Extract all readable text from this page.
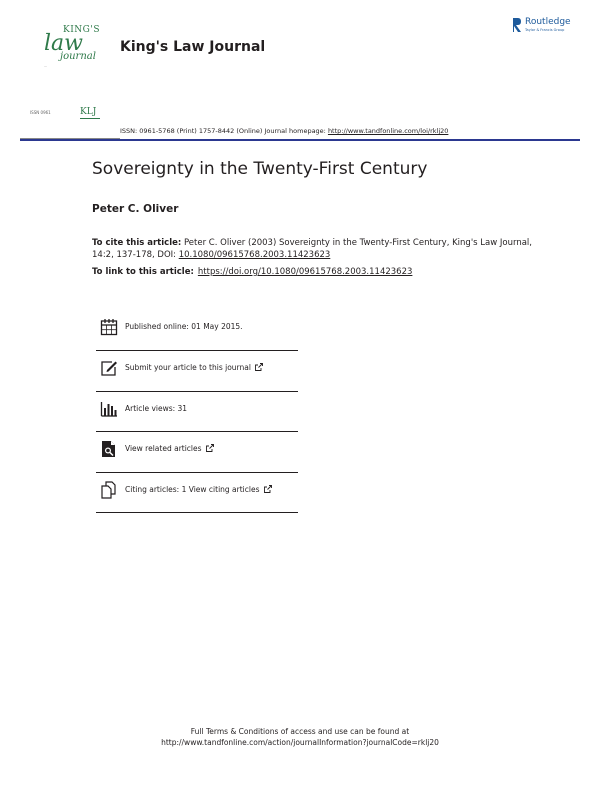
KING'S
law
journal
—
King's Law Journal
Routledge
Taylor & Francis Group
ISSN 0961	KLJ
ISSN: 0961-5768 (Print) 1757-8442 (Online) Journal homepage: http://www.tandfonline.com/loi/rklj20
Sovereignty in the Twenty-First Century
Peter C. Oliver
To cite this article: Peter C. Oliver (2003) Sovereignty in the Twenty-First Century, King's Law Journal, 14:2, 137-178, DOI: 10.1080/09615768.2003.11423623
To link to this article: https://doi.org/10.1080/09615768.2003.11423623
Published online: 01 May 2015.
Submit your article to this journal
Article views: 31
View related articles
Citing articles: 1 View citing articles
Full Terms & Conditions of access and use can be found at
http://www.tandfonline.com/action/journalInformation?journalCode=rklj20
